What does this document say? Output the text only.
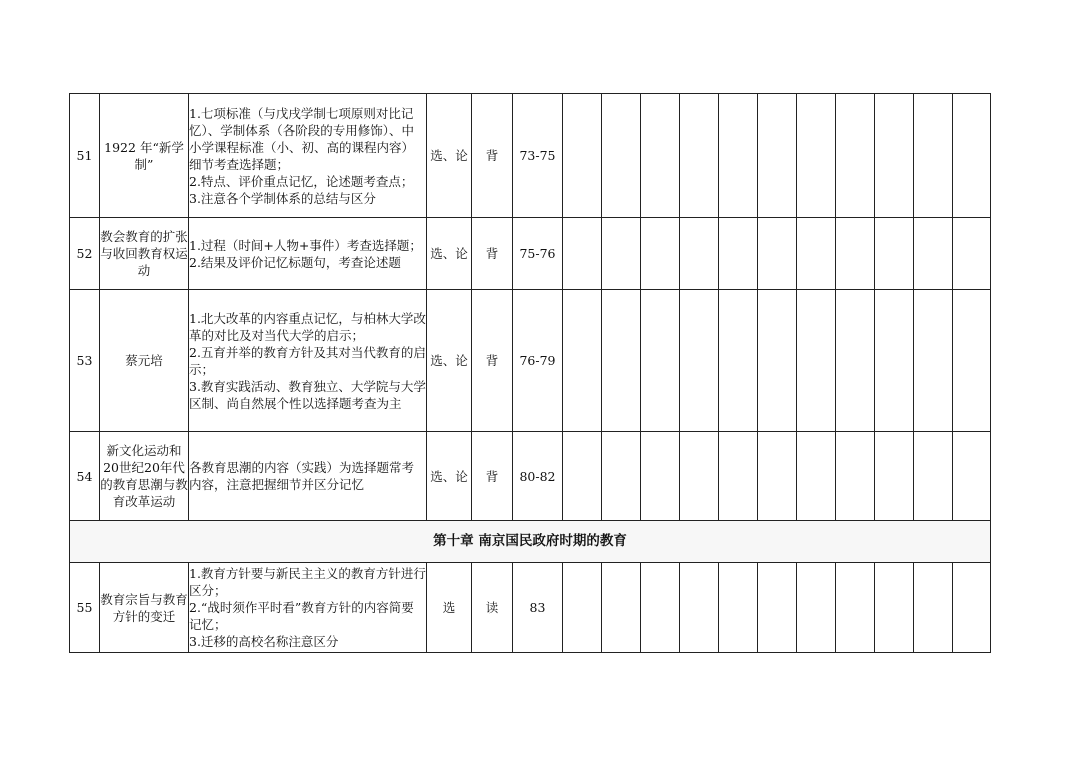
51	1922 年“新学制”	1.七项标准（与戊戌学制七项原则对比记忆）、学制体系（各阶段的专用修饰）、中小学课程标准（小、初、高的课程内容）细节考查选择题；
2.特点、评价重点记忆，论述题考查点；
3.注意各个学制体系的总结与区分	选、论	背	73-75											
52	教会教育的扩张与收回教育权运动	1.过程（时间+人物+事件）考查选择题；
2.结果及评价记忆标题句，考查论述题	选、论	背	75-76											
53	蔡元培	1.北大改革的内容重点记忆，与柏林大学改革的对比及对当代大学的启示；
2.五育并举的教育方针及其对当代教育的启示；
3.教育实践活动、教育独立、大学院与大学区制、尚自然展个性以选择题考查为主	选、论	背	76-79											
54	新文化运动和20世纪20年代的教育思潮与教育改革运动	各教育思潮的内容（实践）为选择题常考内容，注意把握细节并区分记忆	选、论	背	80-82											
第十章 南京国民政府时期的教育																
55	教育宗旨与教育方针的变迁	1.教育方针要与新民主主义的教育方针进行区分；
2.“战时须作平时看”教育方针的内容简要记忆；
3.迁移的高校名称注意区分	选	读	83											
